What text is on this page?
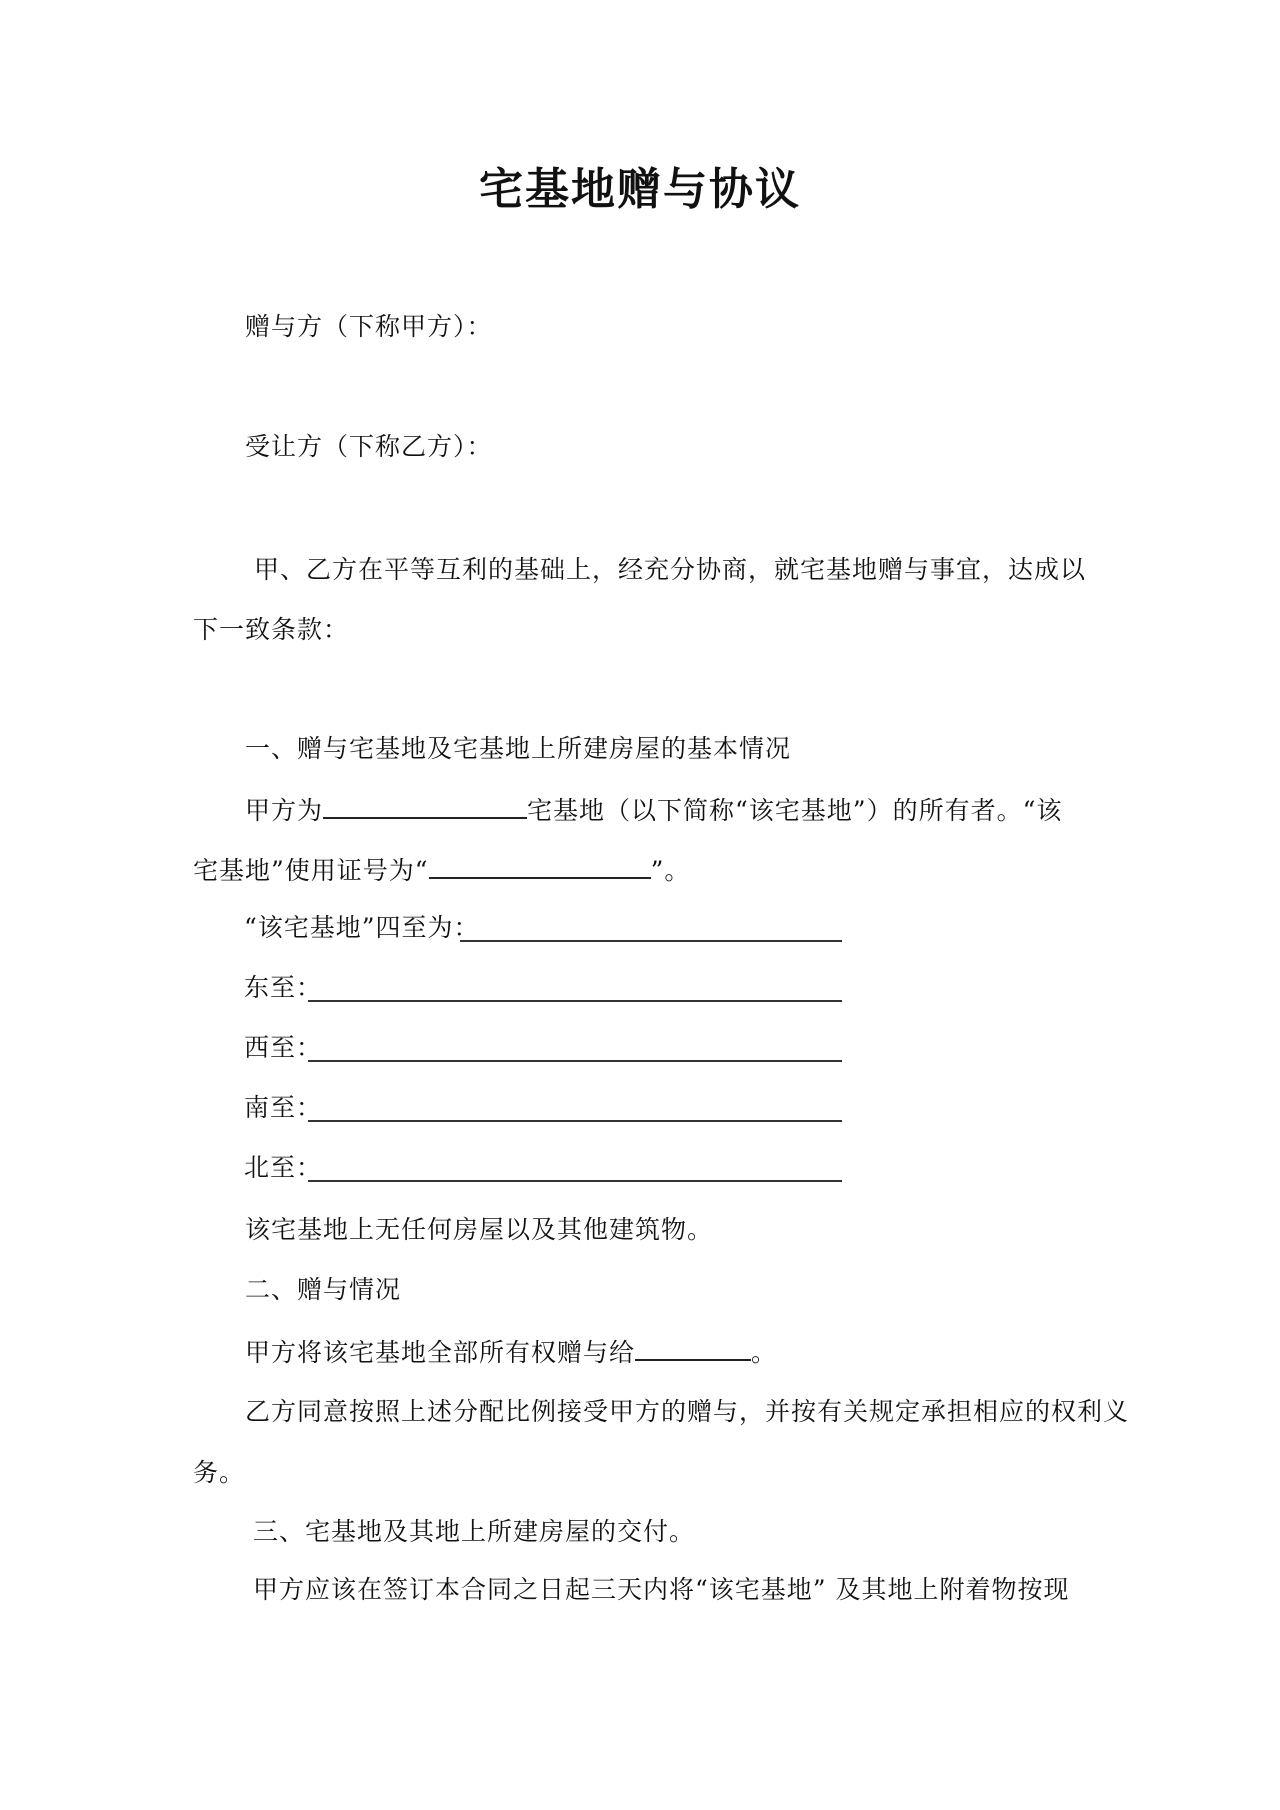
宅基地赠与协议
赠与方（下称甲方）：
受让方（下称乙方）：
甲、乙方在平等互利的基础上，经充分协商，就宅基地赠与事宜，达成以
下一致条款：
一、赠与宅基地及宅基地上所建房屋的基本情况
甲方为	宅基地（以下简称“该宅基地”）的所有者。“该
宅基地”使用证号为“	”。
“该宅基地”四至为：
东至：
西至：
南至：
北至：
该宅基地上无任何房屋以及其他建筑物。
二、赠与情况
甲方将该宅基地全部所有权赠与给	。
乙方同意按照上述分配比例接受甲方的赠与，并按有关规定承担相应的权利义
务。
三、宅基地及其地上所建房屋的交付。
甲方应该在签订本合同之日起三天内将“该宅基地” 及其地上附着物按现
